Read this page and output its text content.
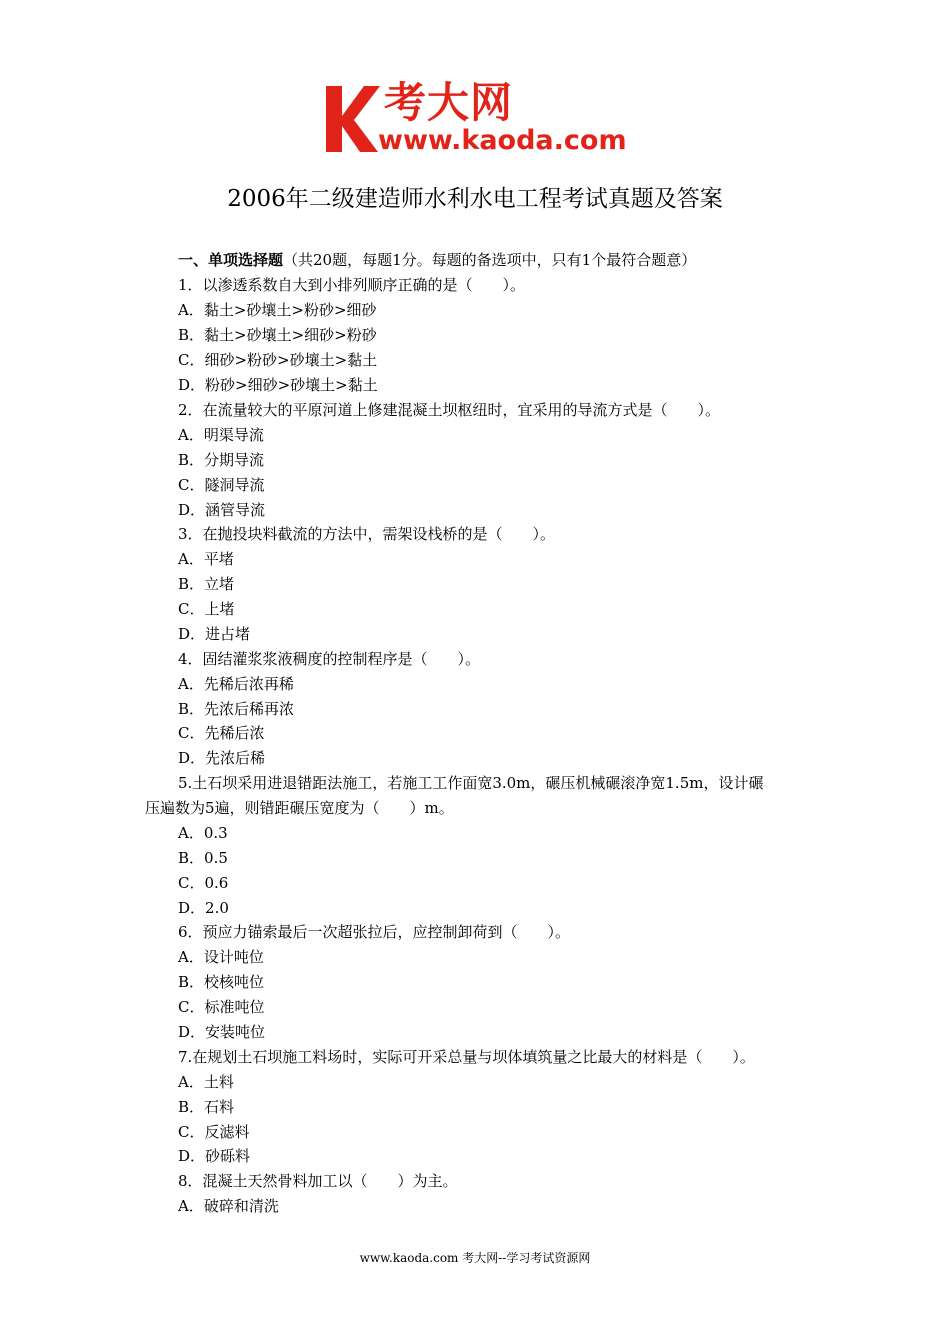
考大网
www.kaoda.com
2006年二级建造师水利水电工程考试真题及答案
一、单项选择题（共20题，每题1分。每题的备选项中，只有1个最符合题意）
1．以渗透系数自大到小排列顺序正确的是（　　）。
A．黏土>砂壤土>粉砂>细砂
B．黏土>砂壤土>细砂>粉砂
C．细砂>粉砂>砂壤土>黏土
D．粉砂>细砂>砂壤土>黏土
2．在流量较大的平原河道上修建混凝土坝枢纽时，宜采用的导流方式是（　　）。
A．明渠导流
B．分期导流
C．隧洞导流
D．涵管导流
3．在抛投块料截流的方法中，需架设栈桥的是（　　）。
A．平堵
B．立堵
C．上堵
D．进占堵
4．固结灌浆浆液稠度的控制程序是（　　）。
A．先稀后浓再稀
B．先浓后稀再浓
C．先稀后浓
D．先浓后稀
5.土石坝采用进退错距法施工，若施工工作面宽3.0m，碾压机械碾滚净宽1.5m，设计碾
压遍数为5遍，则错距碾压宽度为（　　）m。
A．0.3
B．0.5
C．0.6
D．2.0
6．预应力锚索最后一次超张拉后，应控制卸荷到（　　）。
A．设计吨位
B．校核吨位
C．标准吨位
D．安装吨位
7.在规划土石坝施工料场时，实际可开采总量与坝体填筑量之比最大的材料是（　　）。
A．土料
B．石料
C．反滤料
D．砂砾料
8．混凝土天然骨料加工以（　　）为主。
A．破碎和清洗
www.kaoda.com 考大网--学习考试资源网
